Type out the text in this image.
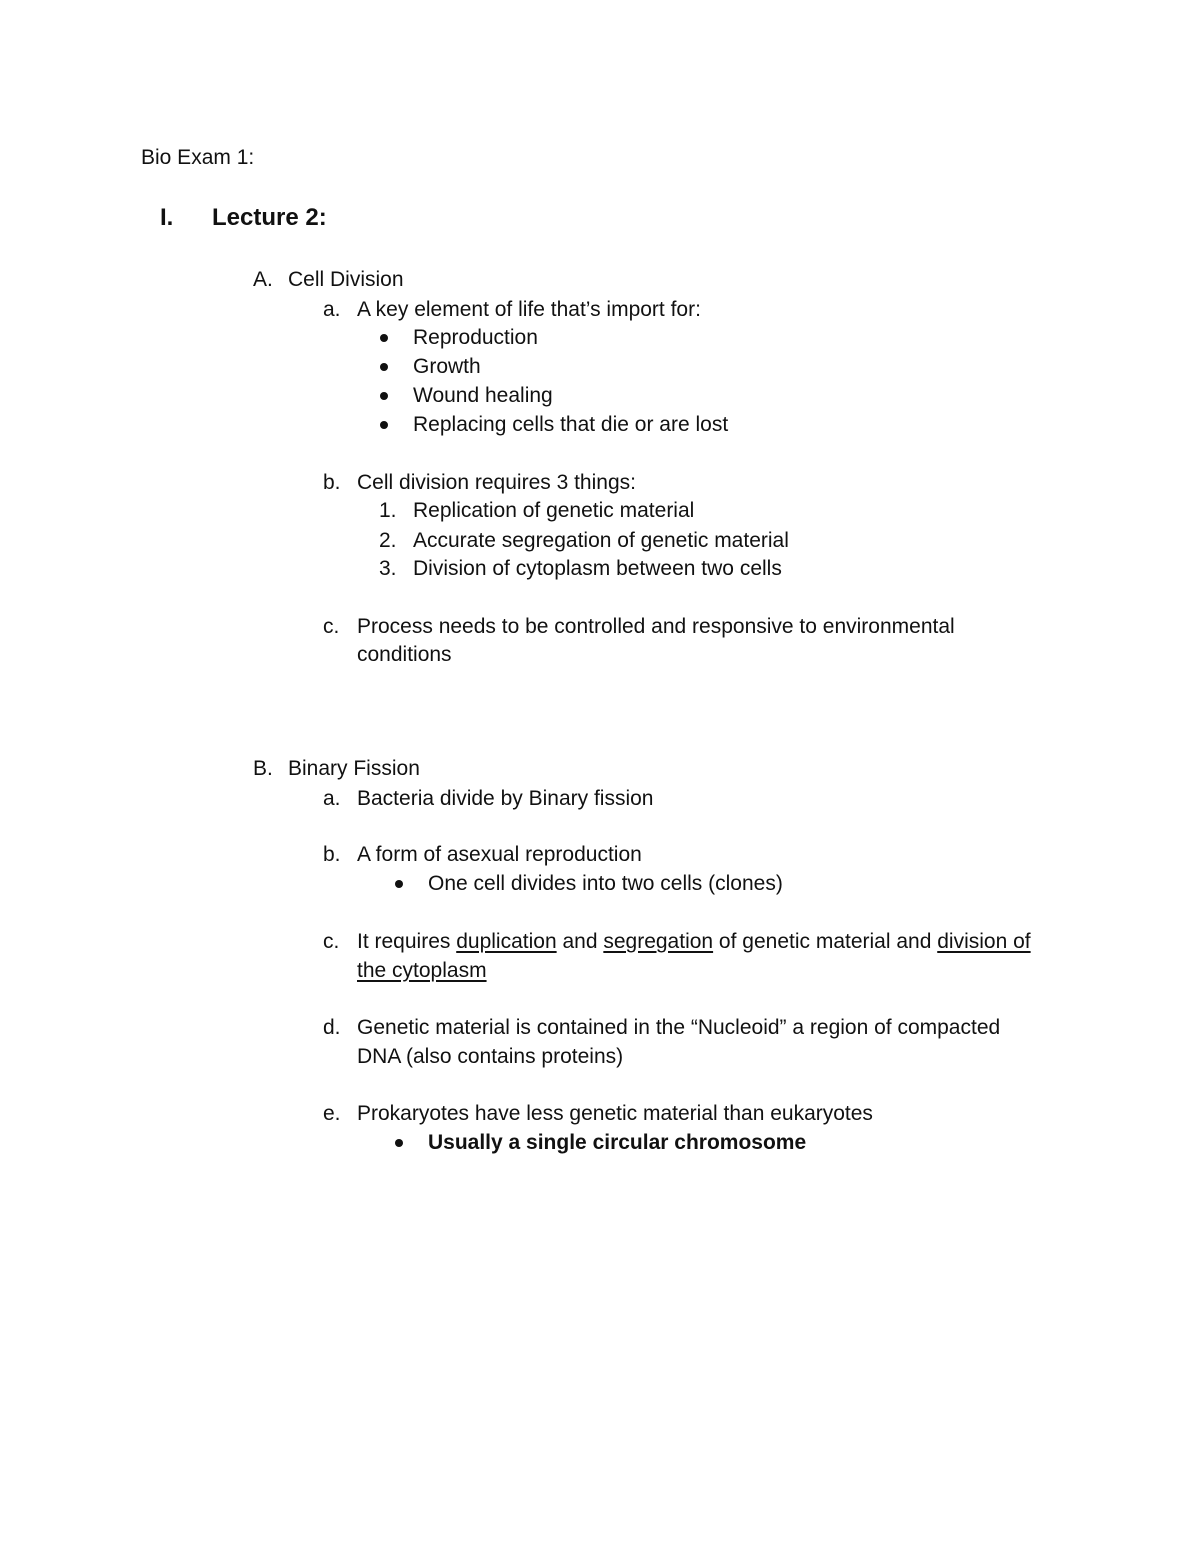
Bio Exam 1:
I. Lecture 2:
A. Cell Division
a. A key element of life that’s import for:
Reproduction
Growth
Wound healing
Replacing cells that die or are lost
b. Cell division requires 3 things:
1. Replication of genetic material
2. Accurate segregation of genetic material
3. Division of cytoplasm between two cells
c. Process needs to be controlled and responsive to environmental
conditions
B. Binary Fission
a. Bacteria divide by Binary fission
b. A form of asexual reproduction
One cell divides into two cells (clones)
c. It requires duplication and segregation of genetic material and division of
the cytoplasm
d. Genetic material is contained in the “Nucleoid” a region of compacted
DNA (also contains proteins)
e. Prokaryotes have less genetic material than eukaryotes
Usually a single circular chromosome
